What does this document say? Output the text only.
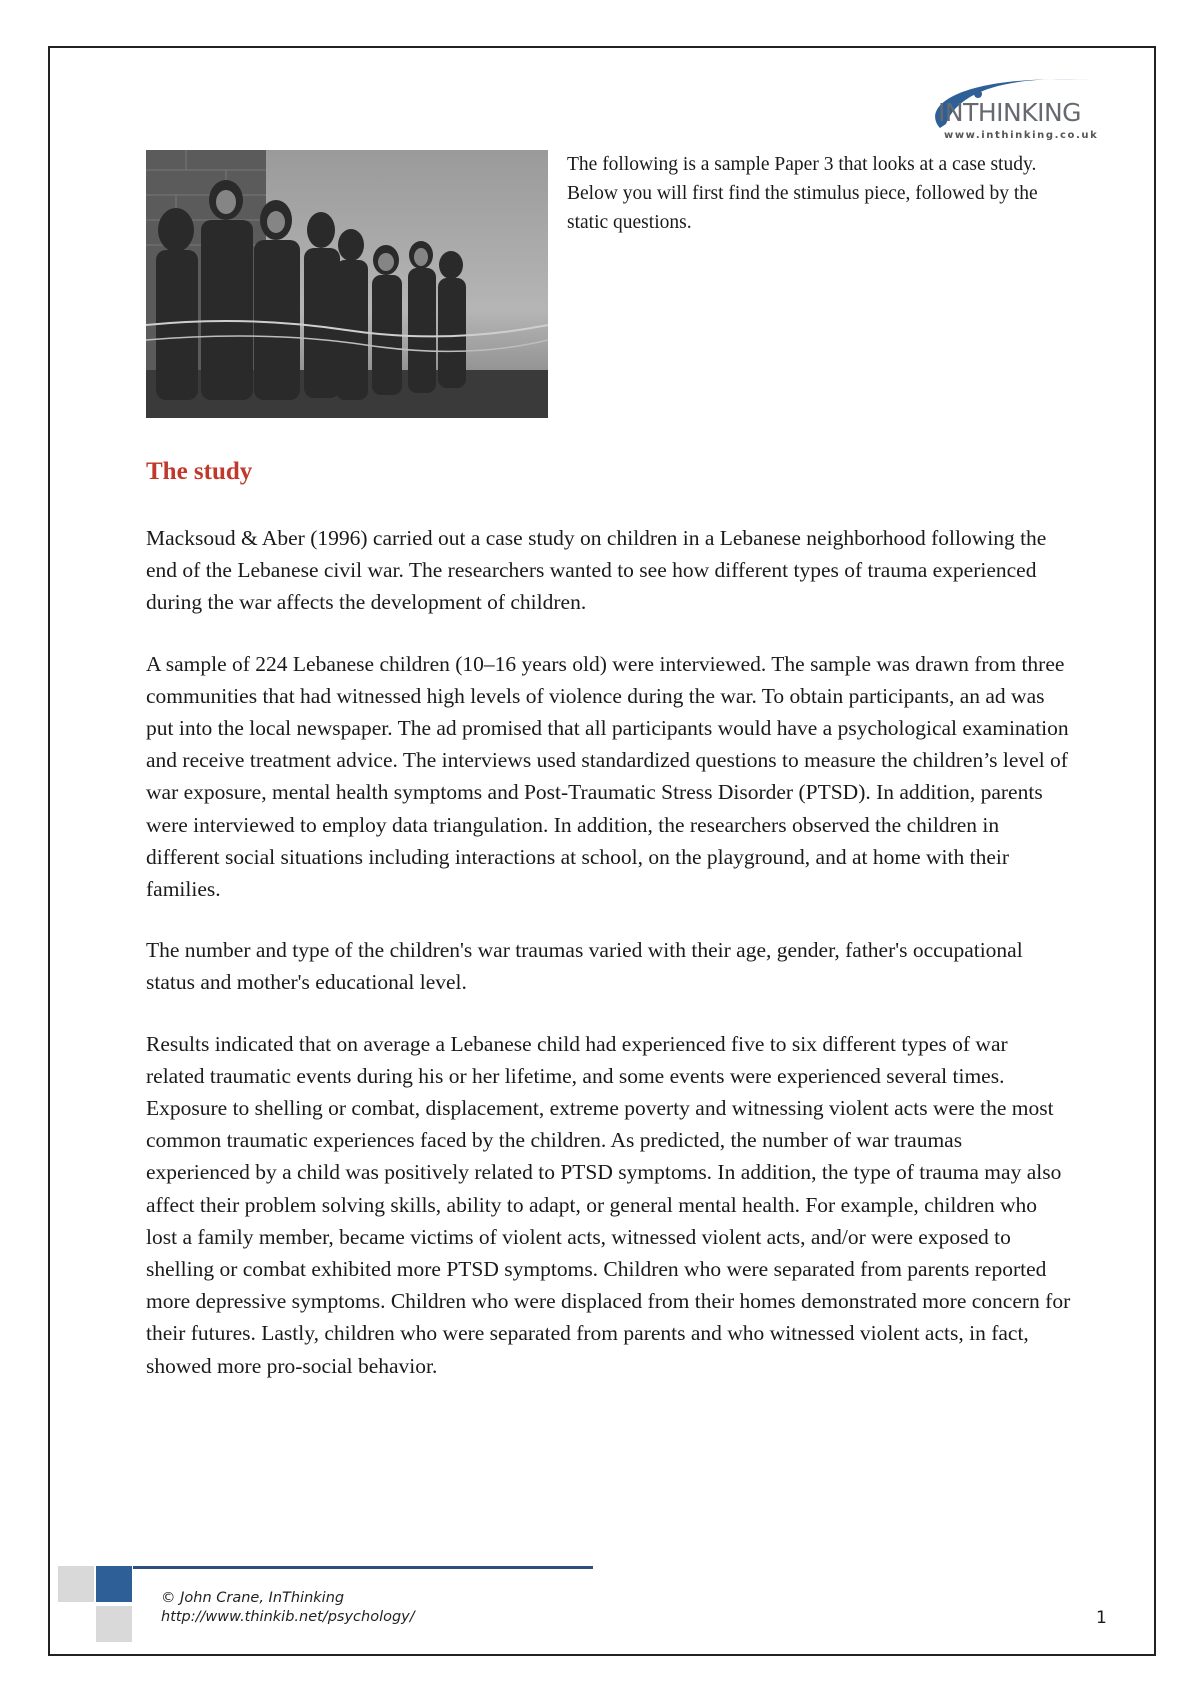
INTHINKING
www.inthinking.co.uk
The following is a sample Paper 3 that looks at a case study. Below you will first find the stimulus piece, followed by the static questions.
The study

Macksoud & Aber (1996) carried out a case study on children in a Lebanese neighborhood following the end of the Lebanese civil war. The researchers wanted to see how different types of trauma experienced during the war affects the development of children.

A sample of 224 Lebanese children (10–16 years old) were interviewed. The sample was drawn from three communities that had witnessed high levels of violence during the war. To obtain participants, an ad was put into the local newspaper. The ad promised that all participants would have a psychological examination and receive treatment advice. The interviews used standardized questions to measure the children’s level of war exposure, mental health symptoms and Post-Traumatic Stress Disorder (PTSD). In addition, parents were interviewed to employ data triangulation. In addition, the researchers observed the children in different social situations including interactions at school, on the playground, and at home with their families.

The number and type of the children's war traumas varied with their age, gender, father's occupational status and mother's educational level.

Results indicated that on average a Lebanese child had experienced five to six different types of war related traumatic events during his or her lifetime, and some events were experienced several times. Exposure to shelling or combat, displacement, extreme poverty and witnessing violent acts were the most common traumatic experiences faced by the children. As predicted, the number of war traumas experienced by a child was positively related to PTSD symptoms. In addition, the type of trauma may also affect their problem solving skills, ability to adapt, or general mental health. For example, children who lost a family member, became victims of violent acts, witnessed violent acts, and/or were exposed to shelling or combat exhibited more PTSD symptoms. Children who were separated from parents reported more depressive symptoms. Children who were displaced from their homes demonstrated more concern for their futures. Lastly, children who were separated from parents and who witnessed violent acts, in fact, showed more pro-social behavior.

© John Crane, InThinking
http://www.thinkib.net/psychology/	1
